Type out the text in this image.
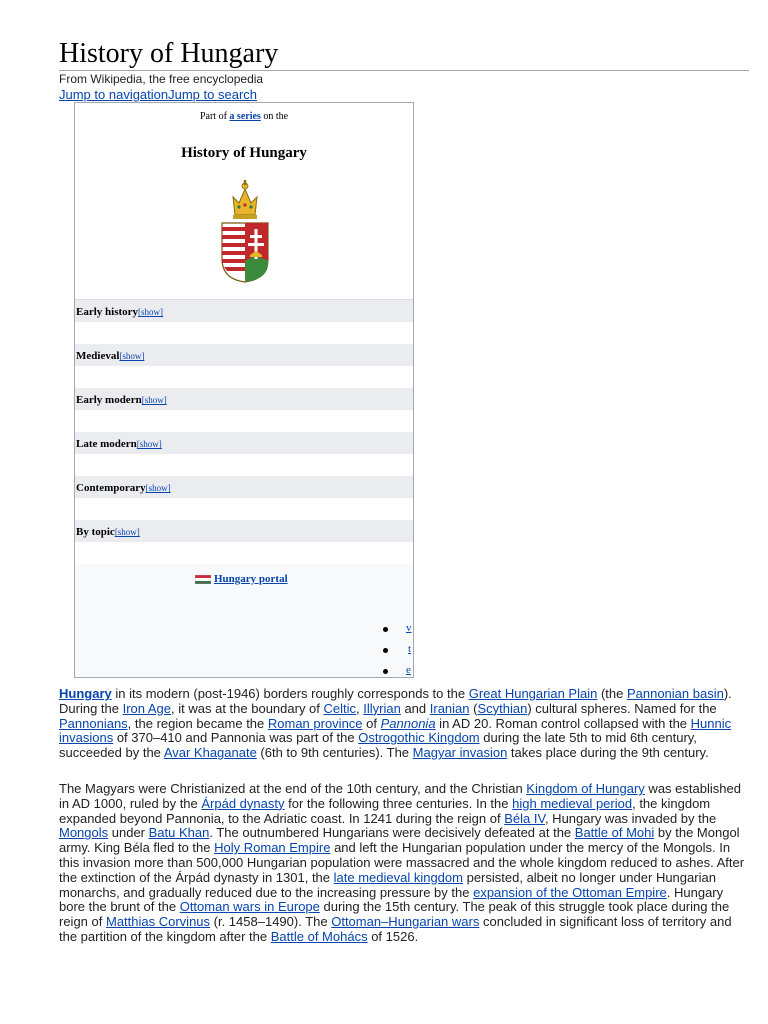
History of Hungary
From Wikipedia, the free encyclopedia
Jump to navigationJump to search
Part of a series on the
History of Hungary
Early history[show]
Medieval[show]
Early modern[show]
Late modern[show]
Contemporary[show]
By topic[show]
Hungary portal
v
t
e

Hungary in its modern (post-1946) borders roughly corresponds to the Great Hungarian Plain (the Pannonian basin). During the Iron Age, it was at the boundary of Celtic, Illyrian and Iranian (Scythian) cultural spheres. Named for the Pannonians, the region became the Roman province of Pannonia in AD 20. Roman control collapsed with the Hunnic invasions of 370–410 and Pannonia was part of the Ostrogothic Kingdom during the late 5th to mid 6th century, succeeded by the Avar Khaganate (6th to 9th centuries). The Magyar invasion takes place during the 9th century.

The Magyars were Christianized at the end of the 10th century, and the Christian Kingdom of Hungary was established in AD 1000, ruled by the Árpád dynasty for the following three centuries. In the high medieval period, the kingdom expanded beyond Pannonia, to the Adriatic coast. In 1241 during the reign of Béla IV, Hungary was invaded by the Mongols under Batu Khan. The outnumbered Hungarians were decisively defeated at the Battle of Mohi by the Mongol army. King Béla fled to the Holy Roman Empire and left the Hungarian population under the mercy of the Mongols. In this invasion more than 500,000 Hungarian population were massacred and the whole kingdom reduced to ashes. After the extinction of the Árpád dynasty in 1301, the late medieval kingdom persisted, albeit no longer under Hungarian monarchs, and gradually reduced due to the increasing pressure by the expansion of the Ottoman Empire. Hungary bore the brunt of the Ottoman wars in Europe during the 15th century. The peak of this struggle took place during the reign of Matthias Corvinus (r. 1458–1490). The Ottoman–Hungarian wars concluded in significant loss of territory and the partition of the kingdom after the Battle of Mohács of 1526.
